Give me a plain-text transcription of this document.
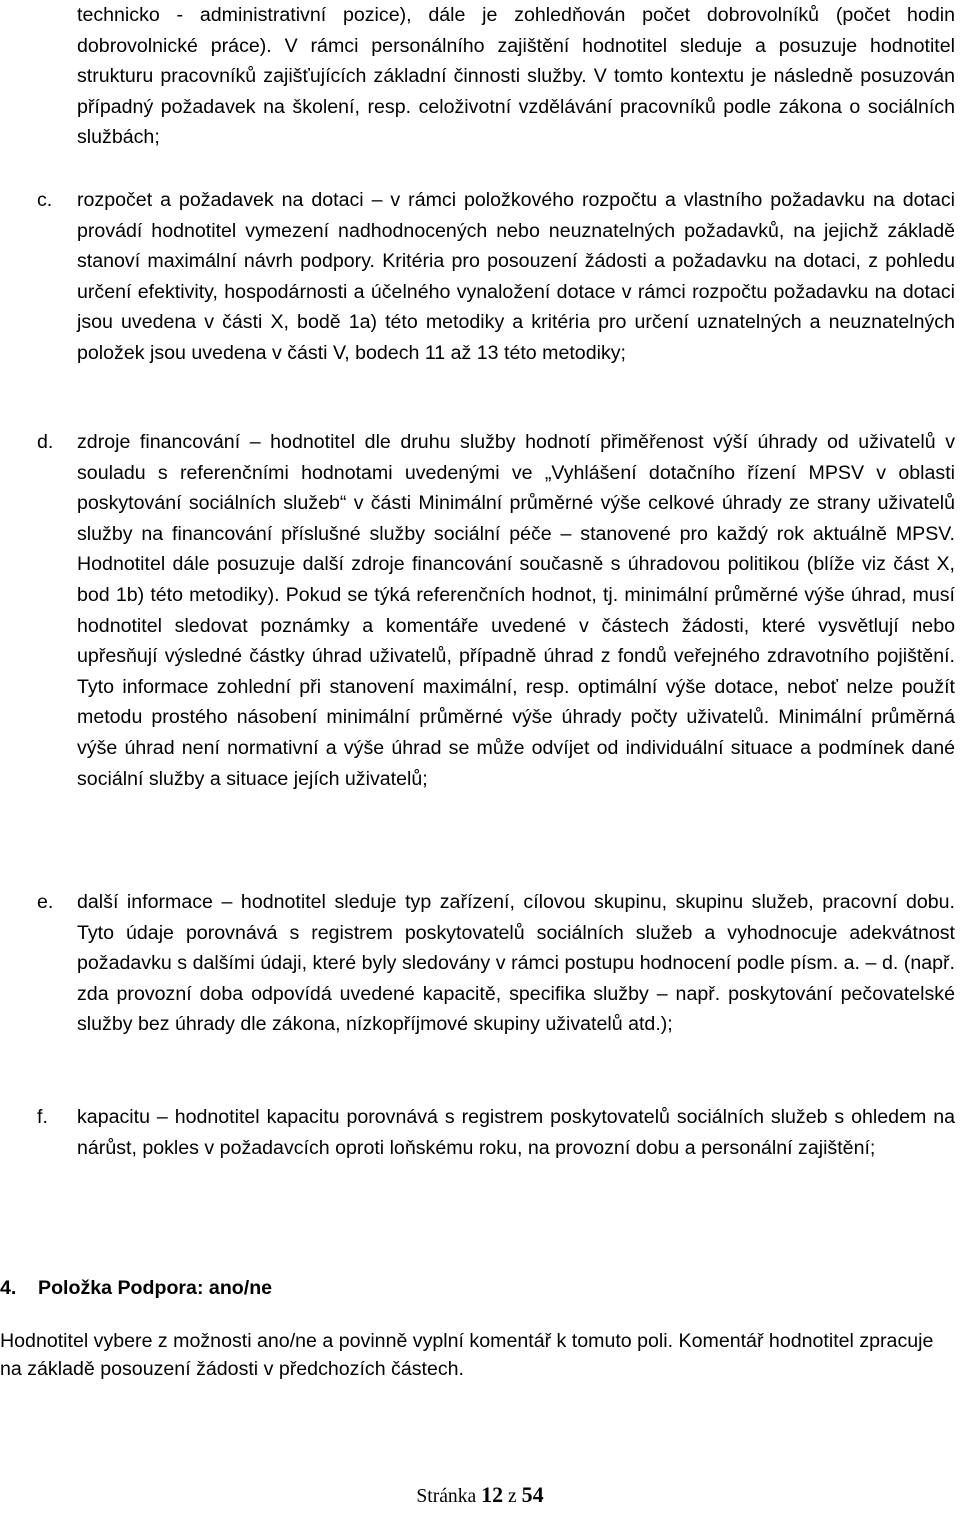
technicko - administrativní pozice), dále je zohledňován počet dobrovolníků (počet hodin dobrovolnické práce). V rámci personálního zajištění hodnotitel sleduje a posuzuje hodnotitel strukturu pracovníků zajišťujících základní činnosti služby. V tomto kontextu je následně posuzován případný požadavek na školení, resp. celoživotní vzdělávání pracovníků podle zákona o sociálních službách;
c.	rozpočet a požadavek na dotaci – v rámci položkového rozpočtu a vlastního požadavku na dotaci provádí hodnotitel vymezení nadhodnocených nebo neuznatelných požadavků, na jejichž základě stanoví maximální návrh podpory. Kritéria pro posouzení žádosti a požadavku na dotaci, z pohledu určení efektivity, hospodárnosti a účelného vynaložení dotace v rámci rozpočtu požadavku na dotaci jsou uvedena v části X, bodě 1a) této metodiky a kritéria pro určení uznatelných a neuznatelných položek jsou uvedena v části V, bodech 11 až 13 této metodiky;
d.	zdroje financování – hodnotitel dle druhu služby hodnotí přiměřenost výší úhrady od uživatelů v souladu s referenčními hodnotami uvedenými ve „Vyhlášení dotačního řízení MPSV v oblasti poskytování sociálních služeb“ v části Minimální průměrné výše celkové úhrady ze strany uživatelů služby na financování příslušné služby sociální péče – stanovené pro každý rok aktuálně MPSV. Hodnotitel dále posuzuje další zdroje financování současně s úhradovou politikou (blíže viz část X, bod 1b) této metodiky). Pokud se týká referenčních hodnot, tj. minimální průměrné výše úhrad, musí hodnotitel sledovat poznámky a komentáře uvedené v částech žádosti, které vysvětlují nebo upřesňují výsledné částky úhrad uživatelů, případně úhrad z fondů veřejného zdravotního pojištění. Tyto informace zohlední při stanovení maximální, resp. optimální výše dotace, neboť nelze použít metodu prostého násobení minimální průměrné výše úhrady počty uživatelů. Minimální průměrná výše úhrad není normativní a výše úhrad se může odvíjet od individuální situace a podmínek dané sociální služby a situace jejích uživatelů;
e.	další informace – hodnotitel sleduje typ zařízení, cílovou skupinu, skupinu služeb, pracovní dobu. Tyto údaje porovnává s registrem poskytovatelů sociálních služeb a vyhodnocuje adekvátnost požadavku s dalšími údaji, které byly sledovány v rámci postupu hodnocení podle písm. a. – d. (např. zda provozní doba odpovídá uvedené kapacitě, specifika služby – např. poskytování pečovatelské služby bez úhrady dle zákona, nízkopříjmové skupiny uživatelů atd.);
f.	kapacitu – hodnotitel kapacitu porovnává s registrem poskytovatelů sociálních služeb s ohledem na nárůst, pokles v požadavcích oproti loňskému roku, na provozní dobu a personální zajištění;
4. Položka Podpora: ano/ne
Hodnotitel vybere z možnosti ano/ne a povinně vyplní komentář k tomuto poli. Komentář hodnotitel zpracuje na základě posouzení žádosti v předchozích částech.
Stránka 12 z 54
